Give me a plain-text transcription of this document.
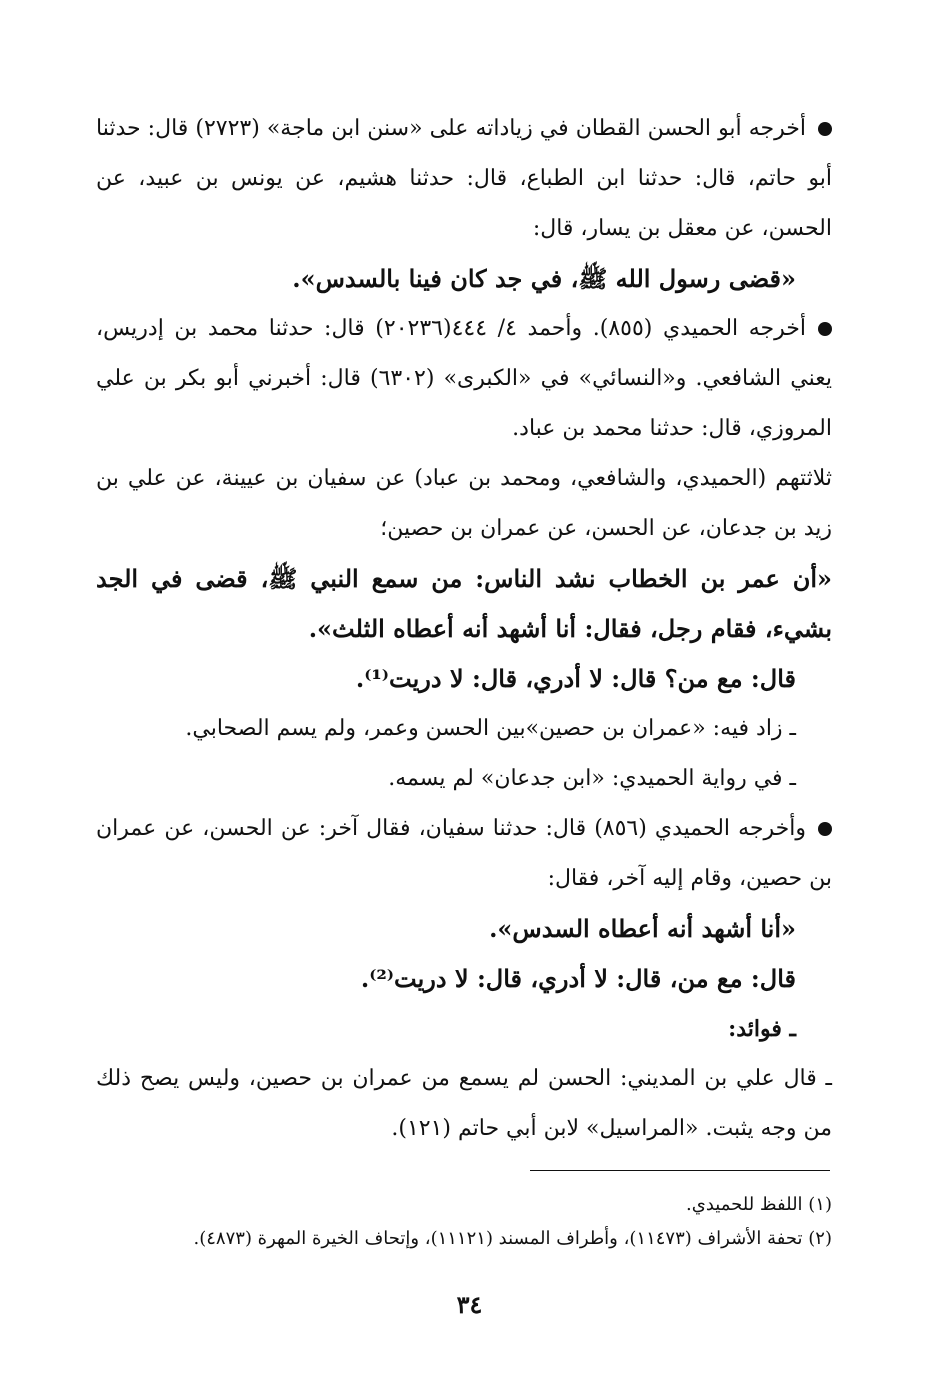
أخرجه أبو الحسن القطان في زياداته على «سنن ابن ماجة» (٢٧٢٣) قال: حدثنا أبو حاتم، قال: حدثنا ابن الطباع، قال: حدثنا هشيم، عن يونس بن عبيد، عن الحسن، عن معقل بن يسار، قال:

«قضى رسول الله ﷺ، في جد كان فينا بالسدس».

أخرجه الحميدي (٨٥٥). وأحمد ٤/ ٤٤٤(٢٠٢٣٦) قال: حدثنا محمد بن إدريس، يعني الشافعي. و«النسائي» في «الكبرى» (٦٣٠٢) قال: أخبرني أبو بكر بن علي المروزي، قال: حدثنا محمد بن عباد.

ثلاثتهم (الحميدي، والشافعي، ومحمد بن عباد) عن سفيان بن عيينة، عن علي بن زيد بن جدعان، عن الحسن، عن عمران بن حصين؛

«أن عمر بن الخطاب نشد الناس: من سمع النبي ﷺ، قضى في الجد بشيء، فقام رجل، فقال: أنا أشهد أنه أعطاه الثلث».

قال: مع من؟ قال: لا أدري، قال: لا دريت⁽¹⁾.

ـ زاد فيه: «عمران بن حصين»بين الحسن وعمر، ولم يسم الصحابي.

ـ في رواية الحميدي: «ابن جدعان» لم يسمه.

وأخرجه الحميدي (٨٥٦) قال: حدثنا سفيان، فقال آخر: عن الحسن، عن عمران بن حصين، وقام إليه آخر، فقال:

«أنا أشهد أنه أعطاه السدس».

قال: مع من، قال: لا أدري، قال: لا دريت⁽²⁾.

ـ فوائد:

ـ قال علي بن المديني: الحسن لم يسمع من عمران بن حصين، وليس يصح ذلك من وجه يثبت. «المراسيل» لابن أبي حاتم (١٢١).

(١) اللفظ للحميدي.

(٢) تحفة الأشراف (١١٤٧٣)، وأطراف المسند (١١١٢١)، وإتحاف الخيرة المهرة (٤٨٧٣).

٣٤
